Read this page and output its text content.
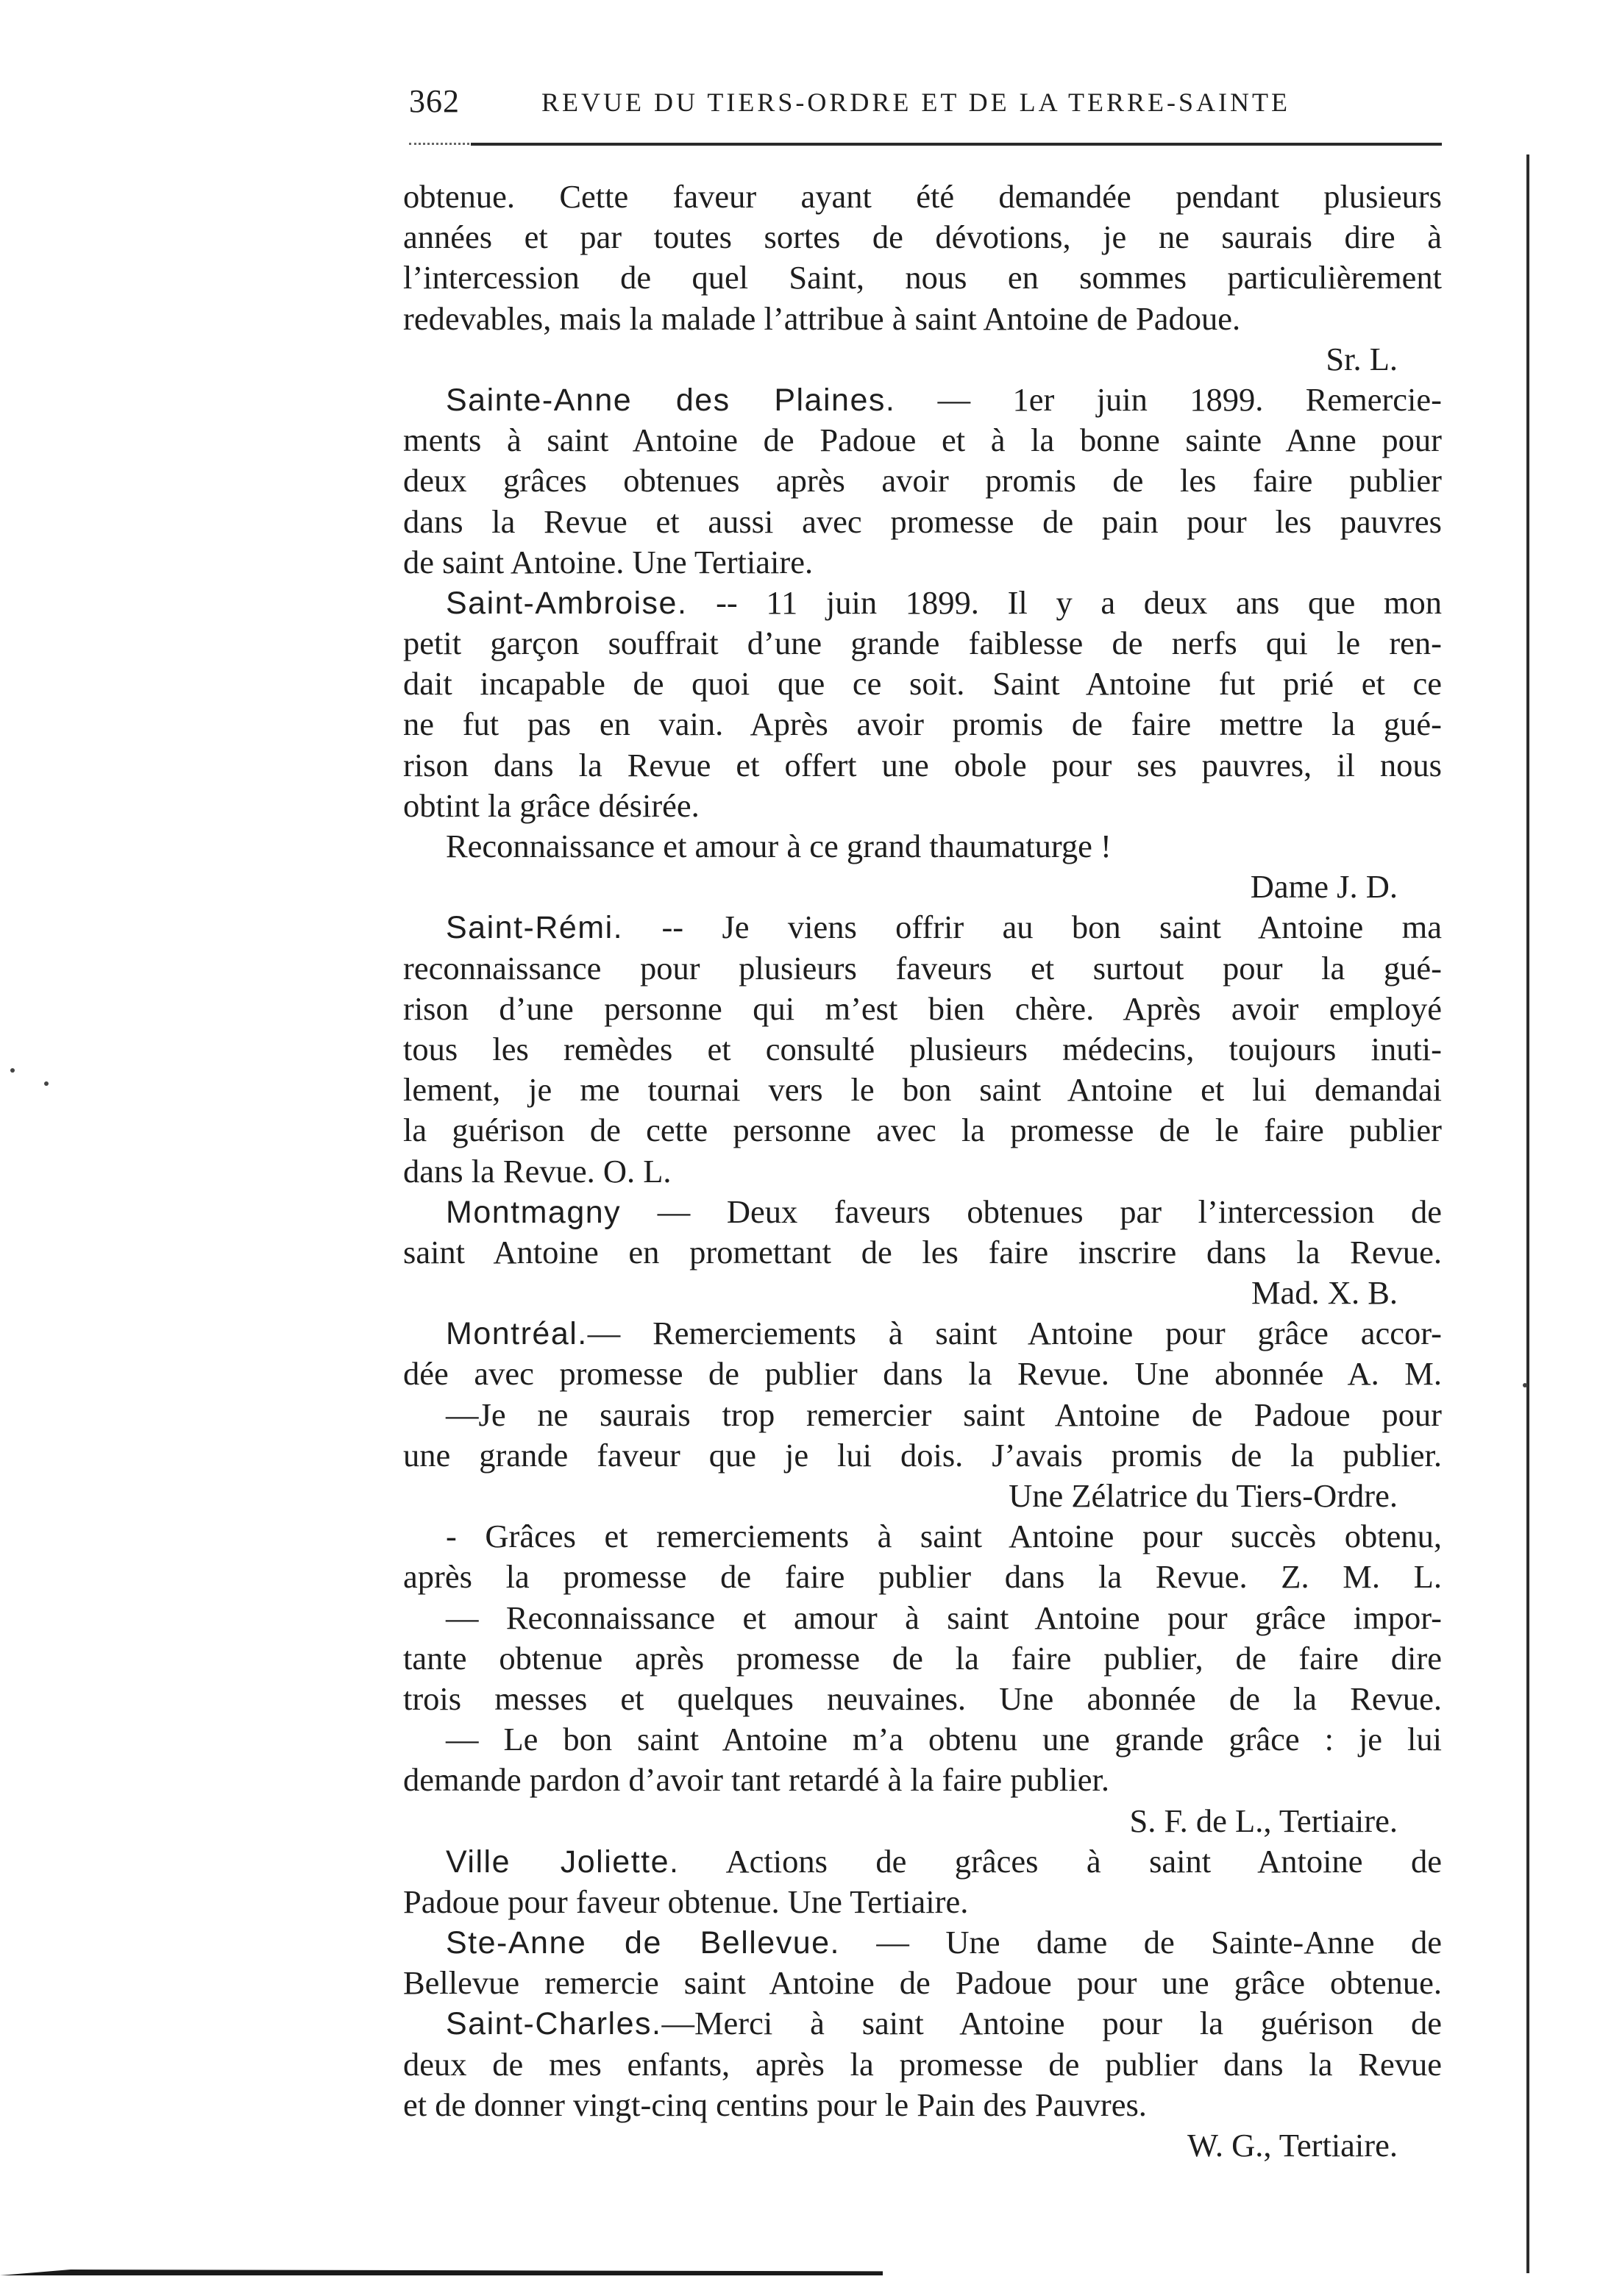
362	REVUE DU TIERS-ORDRE ET DE LA TERRE-SAINTE
obtenue. Cette faveur ayant été demandée pendant plusieurs
années et par toutes sortes de dévotions, je ne saurais dire à
l’intercession de quel Saint, nous en sommes particulièrement
redevables, mais la malade l’attribue à saint Antoine de Padoue.
Sr. L.
Sainte-Anne des Plaines. — 1er juin 1899. Remercie-
ments à saint Antoine de Padoue et à la bonne sainte Anne pour
deux grâces obtenues après avoir promis de les faire publier
dans la Revue et aussi avec promesse de pain pour les pauvres
de saint Antoine. Une Tertiaire.
Saint-Ambroise. -- 11 juin 1899. Il y a deux ans que mon
petit garçon souffrait d’une grande faiblesse de nerfs qui le ren-
dait incapable de quoi que ce soit. Saint Antoine fut prié et ce
ne fut pas en vain. Après avoir promis de faire mettre la gué-
rison dans la Revue et offert une obole pour ses pauvres, il nous
obtint la grâce désirée.
Reconnaissance et amour à ce grand thaumaturge !
Dame J. D.
Saint-Rémi. -- Je viens offrir au bon saint Antoine ma
reconnaissance pour plusieurs faveurs et surtout pour la gué-
rison d’une personne qui m’est bien chère. Après avoir employé
tous les remèdes et consulté plusieurs médecins, toujours inuti-
lement, je me tournai vers le bon saint Antoine et lui demandai
la guérison de cette personne avec la promesse de le faire publier
dans la Revue. O. L.
Montmagny — Deux faveurs obtenues par l’intercession de
saint Antoine en promettant de les faire inscrire dans la Revue.
Mad. X. B.
Montréal.— Remerciements à saint Antoine pour grâce accor-
dée avec promesse de publier dans la Revue. Une abonnée A. M.
—Je ne saurais trop remercier saint Antoine de Padoue pour
une grande faveur que je lui dois. J’avais promis de la publier.
Une Zélatrice du Tiers-Ordre.
- Grâces et remerciements à saint Antoine pour succès obtenu,
après la promesse de faire publier dans la Revue. Z. M. L.
— Reconnaissance et amour à saint Antoine pour grâce impor-
tante obtenue après promesse de la faire publier, de faire dire
trois messes et quelques neuvaines. Une abonnée de la Revue.
— Le bon saint Antoine m’a obtenu une grande grâce : je lui
demande pardon d’avoir tant retardé à la faire publier.
S. F. de L., Tertiaire.
Ville Joliette. Actions de grâces à saint Antoine de
Padoue pour faveur obtenue. Une Tertiaire.
Ste-Anne de Bellevue. — Une dame de Sainte-Anne de
Bellevue remercie saint Antoine de Padoue pour une grâce obtenue.
Saint-Charles.—Merci à saint Antoine pour la guérison de
deux de mes enfants, après la promesse de publier dans la Revue
et de donner vingt-cinq centins pour le Pain des Pauvres.
W. G., Tertiaire.
